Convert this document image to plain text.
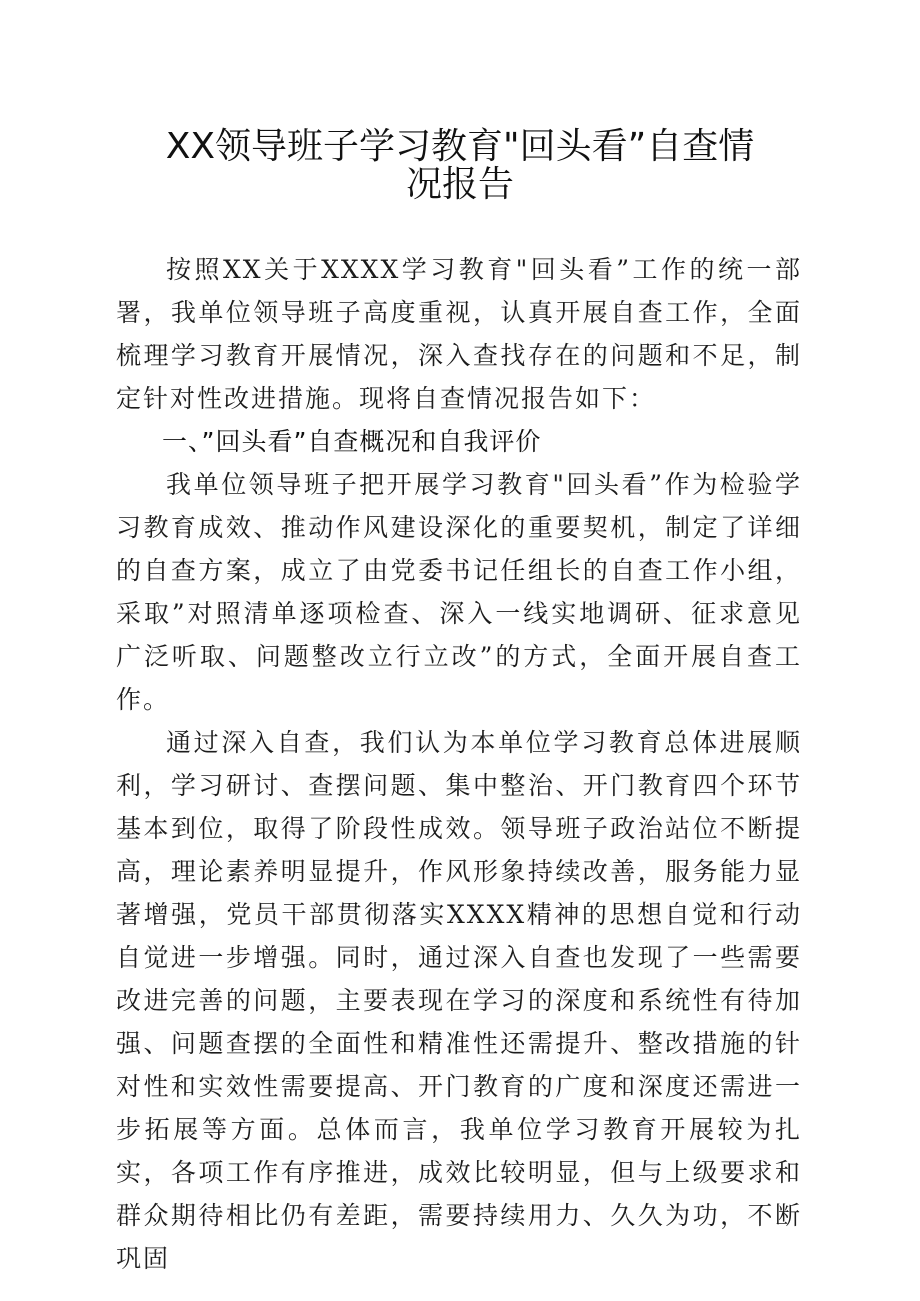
XX领导班子学习教育"回头看”自查情况报告

按照XX关于XXXX学习教育"回头看”工作的统一部署，我单位领导班子高度重视，认真开展自查工作，全面梳理学习教育开展情况，深入查找存在的问题和不足，制定针对性改进措施。现将自查情况报告如下：

一、”回头看”自查概况和自我评价

我单位领导班子把开展学习教育"回头看”作为检验学习教育成效、推动作风建设深化的重要契机，制定了详细的自查方案，成立了由党委书记任组长的自查工作小组，采取”对照清单逐项检查、深入一线实地调研、征求意见广泛听取、问题整改立行立改”的方式，全面开展自查工作。

通过深入自查，我们认为本单位学习教育总体进展顺利，学习研讨、查摆问题、集中整治、开门教育四个环节基本到位，取得了阶段性成效。领导班子政治站位不断提高，理论素养明显提升，作风形象持续改善，服务能力显著增强，党员干部贯彻落实XXXX精神的思想自觉和行动自觉进一步增强。同时，通过深入自查也发现了一些需要改进完善的问题，主要表现在学习的深度和系统性有待加强、问题查摆的全面性和精准性还需提升、整改措施的针对性和实效性需要提高、开门教育的广度和深度还需进一步拓展等方面。总体而言，我单位学习教育开展较为扎实，各项工作有序推进，成效比较明显，但与上级要求和群众期待相比仍有差距，需要持续用力、久久为功，不断巩固
